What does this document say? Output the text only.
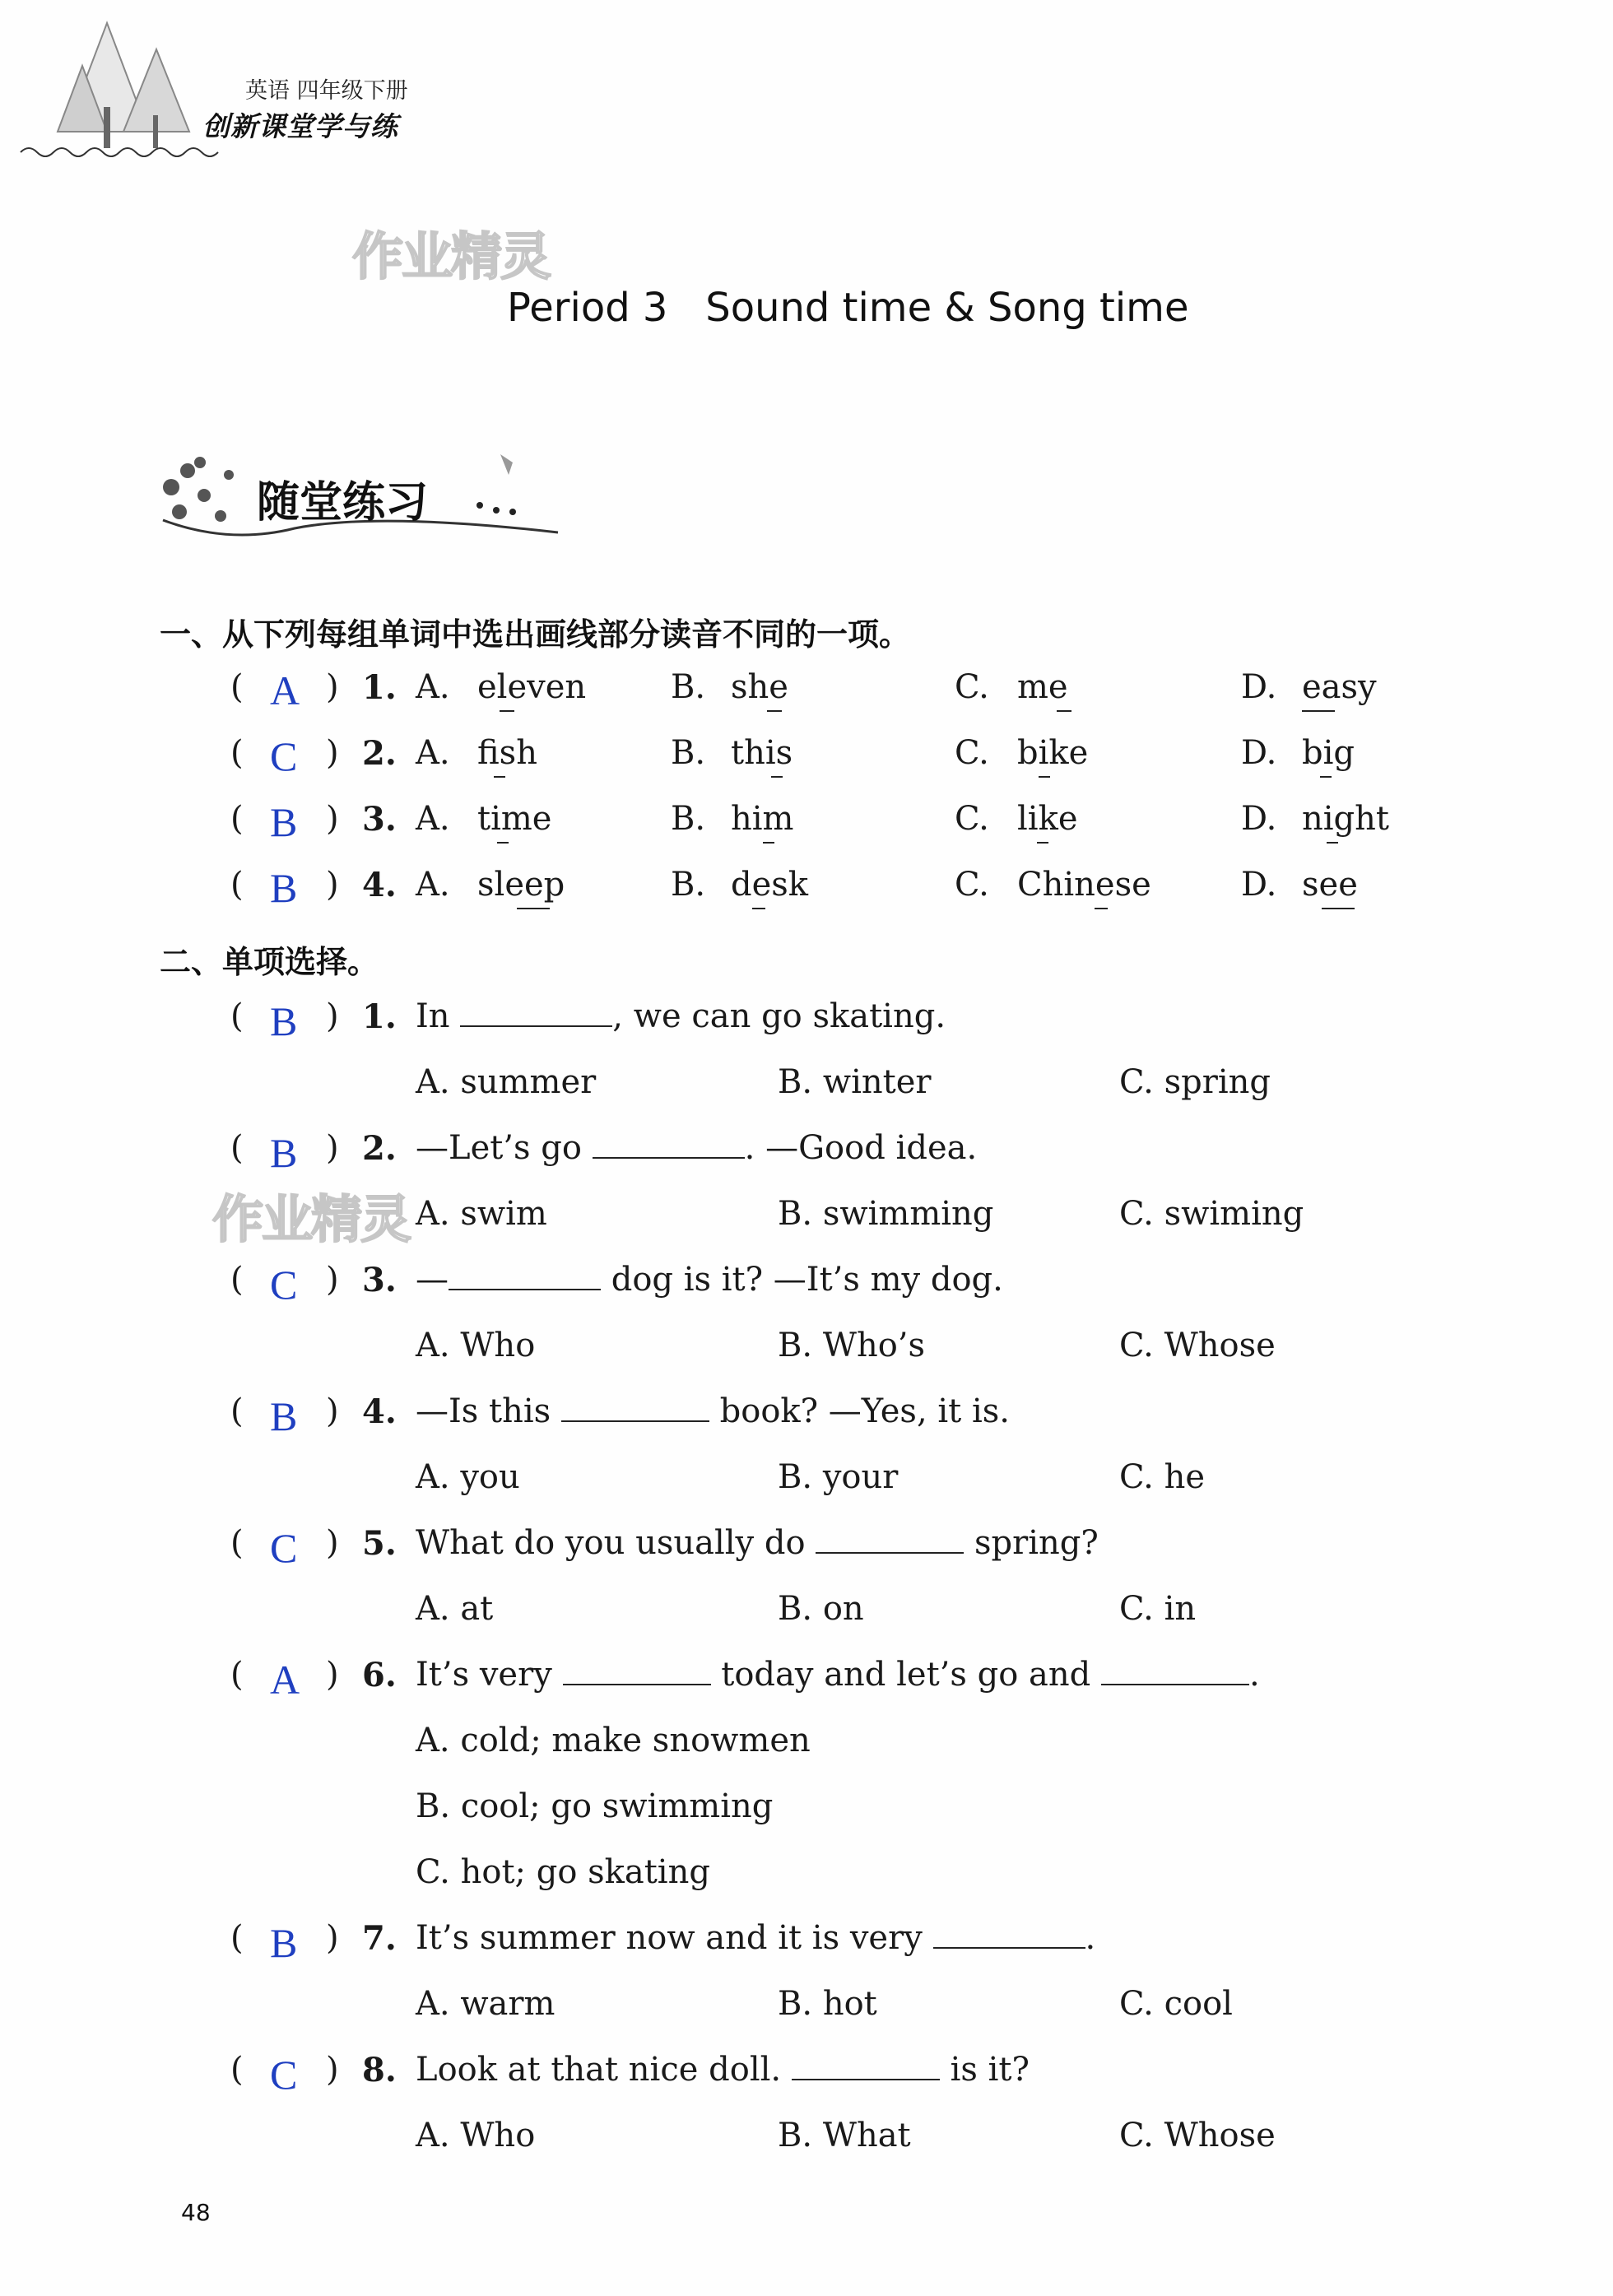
英语 四年级下册
创新课堂学与练
作业精灵
作业精灵
Period 3   Sound time & Song time
随堂练习
一、从下列每组单词中选出画线部分读音不同的一项。
( A ) 1. A. eleven	B. she	C. me	D. easy
( C ) 2. A. fish	B. this	C. bike	D. big
( B ) 3. A. time	B. him	C. like	D. night
( B ) 4. A. sleep	B. desk	C. Chinese	D. see
二、单项选择。
( B ) 1. In	, we can go skating.
A. summer	B. winter	C. spring
( B ) 2. —Let’s go	. —Good idea.
A. swim	B. swimming	C. swiming
( C ) 3. —	dog is it? —It’s my dog.
A. Who	B. Who’s	C. Whose
( B ) 4. —Is this	book? —Yes, it is.
A. you	B. your	C. he
( C ) 5. What do you usually do	spring?
A. at	B. on	C. in
( A ) 6. It’s very	today and let’s go and	.
A. cold; make snowmen
B. cool; go swimming
C. hot; go skating
( B ) 7. It’s summer now and it is very	.
A. warm	B. hot	C. cool
( C ) 8. Look at that nice doll.	is it?
A. Who	B. What	C. Whose
48
